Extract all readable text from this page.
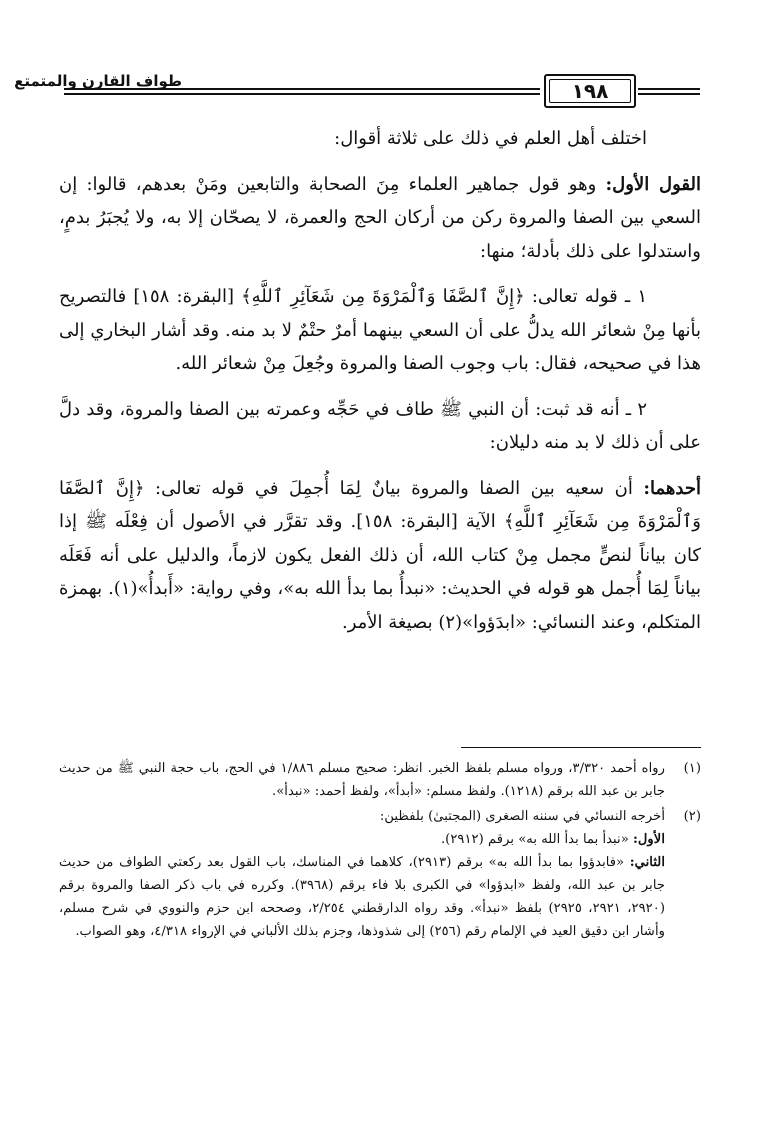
١٩٨
طواف القارن والمتمتع

اختلف أهل العلم في ذلك على ثلاثة أقوال:

القول الأول: وهو قول جماهير العلماء مِنَ الصحابة والتابعين ومَنْ بعدهم، قالوا: إن السعي بين الصفا والمروة ركن من أركان الحج والعمرة، لا يصحّان إلا به، ولا يُجبَرُ بدمٍ، واستدلوا على ذلك بأدلة؛ منها:

١ ـ قوله تعالى: ﴿إِنَّ ٱلصَّفَا وَٱلْمَرْوَةَ مِن شَعَآئِرِ ٱللَّهِ﴾ [البقرة: ١٥٨] فالتصريح بأنها مِنْ شعائر الله يدلُّ على أن السعي بينهما أمرٌ حتْمٌ لا بد منه. وقد أشار البخاري إلى هذا في صحيحه، فقال: باب وجوب الصفا والمروة وجُعِلَ مِنْ شعائر الله.

٢ ـ أنه قد ثبت: أن النبي ﷺ طاف في حَجِّه وعمرته بين الصفا والمروة، وقد دلَّ على أن ذلك لا بد منه دليلان:

أحدهما: أن سعيه بين الصفا والمروة بيانٌ لِمَا أُجمِلَ في قوله تعالى: ﴿إِنَّ ٱلصَّفَا وَٱلْمَرْوَةَ مِن شَعَآئِرِ ٱللَّهِ﴾ الآية [البقرة: ١٥٨]. وقد تقرَّر في الأصول أن فِعْلَه ﷺ إذا كان بياناً لنصٍّ مجمل مِنْ كتاب الله، أن ذلك الفعل يكون لازماً، والدليل على أنه فَعَلَه بياناً لِمَا أُجمل هو قوله في الحديث: «نبدأُ بما بدأ الله به»، وفي رواية: «أَبدأُ»(١). بهمزة المتكلم، وعند النسائي: «ابدَؤوا»(٢) بصيغة الأمر.

(١)
رواه أحمد ٣/٣٢٠، ورواه مسلم بلفظ الخبر. انظر: صحيح مسلم ١/٨٨٦ في الحج، باب حجة النبي ﷺ من حديث جابر بن عبد الله برقم (١٢١٨). ولفظ مسلم: «أبدأ»، ولفظ أحمد: «نبدأ».
(٢)
أخرجه النسائي في سننه الصغرى (المجتبىٰ) بلفظين:
الأول: «نبدأ بما بدأ الله به» برقم (٢٩١٢).
الثاني: «فابدؤوا بما بدأ الله به» برقم (٢٩١٣)، كلاهما في المناسك، باب القول بعد ركعتي الطواف من حديث جابر بن عبد الله، ولفظ «ابدؤوا» في الكبرى بلا فاء برقم (٣٩٦٨). وكرره في باب ذكر الصفا والمروة برقم (٢٩٢٠، ٢٩٢١، ٢٩٢٥) بلفظ «نبدأ». وقد رواه الدارقطني ٢/٢٥٤، وصححه ابن حزم والنووي في شرح مسلم، وأشار ابن دقيق العيد في الإلمام رقم (٢٥٦) إلى شذوذها، وجزم بذلك الألباني في الإرواء ٤/٣١٨، وهو الصواب.
